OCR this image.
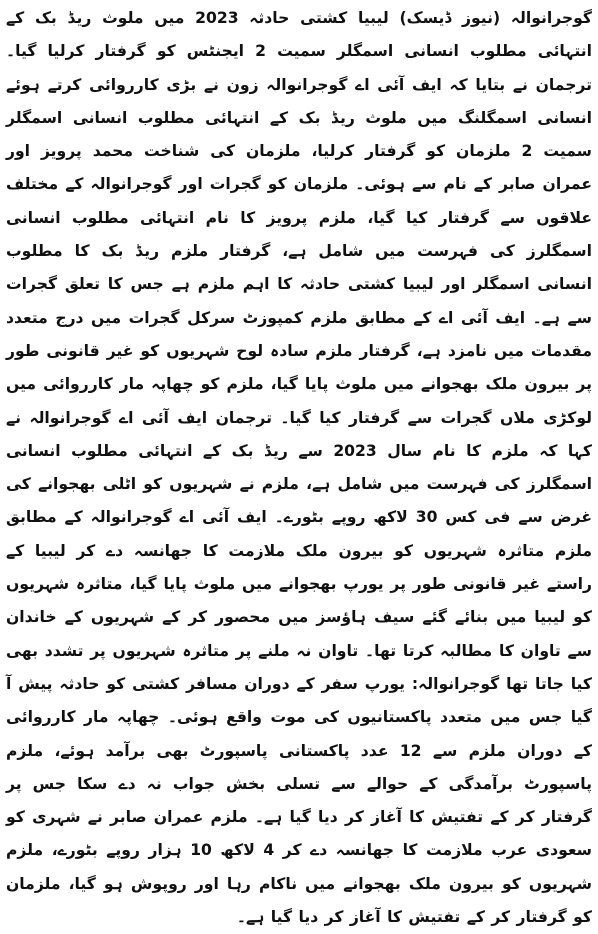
گوجرانوالہ (نیوز ڈیسک) لیبیا کشتی حادثہ 2023 میں ملوث ریڈ بک کے انتہائی مطلوب انسانی اسمگلر سمیت 2 ایجنٹس کو گرفتار کرلیا گیا۔ ترجمان نے بتایا کہ ایف آئی اے گوجرانوالہ زون نے بڑی کارروائی کرتے ہوئے انسانی اسمگلنگ میں ملوث ریڈ بک کے انتہائی مطلوب انسانی اسمگلر سمیت 2 ملزمان کو گرفتار کرلیا، ملزمان کی شناخت محمد پرویز اور عمران صابر کے نام سے ہوئی۔ ملزمان کو گجرات اور گوجرانوالہ کے مختلف علاقوں سے گرفتار کیا گیا، ملزم پرویز کا نام انتہائی مطلوب انسانی اسمگلرز کی فہرست میں شامل ہے، گرفتار ملزم ریڈ بک کا مطلوب انسانی اسمگلر اور لیبیا کشتی حادثہ کا اہم ملزم ہے جس کا تعلق گجرات سے ہے۔ ایف آئی اے کے مطابق ملزم کمپوزٹ سرکل گجرات میں درج متعدد مقدمات میں نامزد ہے، گرفتار ملزم سادہ لوح شہریوں کو غیر قانونی طور پر بیرون ملک بھجوانے میں ملوث پایا گیا، ملزم کو چھاپہ مار کارروائی میں لوکڑی ملاں گجرات سے گرفتار کیا گیا۔ ترجمان ایف آئی اے گوجرانوالہ نے کہا کہ ملزم کا نام سال 2023 سے ریڈ بک کے انتہائی مطلوب انسانی اسمگلرز کی فہرست میں شامل ہے، ملزم نے شہریوں کو اٹلی بھجوانے کی غرض سے فی کس 30 لاکھ روپے بٹورے۔ ایف آئی اے گوجرانوالہ کے مطابق ملزم متاثرہ شہریوں کو بیرون ملک ملازمت کا جھانسہ دے کر لیبیا کے راستے غیر قانونی طور پر یورپ بھجوانے میں ملوث پایا گیا، متاثرہ شہریوں کو لیبیا میں بنائے گئے سیف ہاؤسز میں محصور کر کے شہریوں کے خاندان سے تاوان کا مطالبہ کرتا تھا۔ تاوان نہ ملنے پر متاثرہ شہریوں پر تشدد بھی کیا جاتا تھا گوجرانوالہ: یورپ سفر کے دوران مسافر کشتی کو حادثہ پیش آ گیا جس میں متعدد پاکستانیوں کی موت واقع ہوئی۔ چھاپہ مار کارروائی کے دوران ملزم سے 12 عدد پاکستانی پاسپورٹ بھی برآمد ہوئے، ملزم پاسپورٹ برآمدگی کے حوالے سے تسلی بخش جواب نہ دے سکا جس پر گرفتار کر کے تفتیش کا آغاز کر دیا گیا ہے۔ ملزم عمران صابر نے شہری کو سعودی عرب ملازمت کا جھانسہ دے کر 4 لاکھ 10 ہزار روپے بٹورے، ملزم شہریوں کو بیرون ملک بھجوانے میں ناکام رہا اور روپوش ہو گیا، ملزمان کو گرفتار کر کے تفتیش کا آغاز کر دیا گیا ہے۔
